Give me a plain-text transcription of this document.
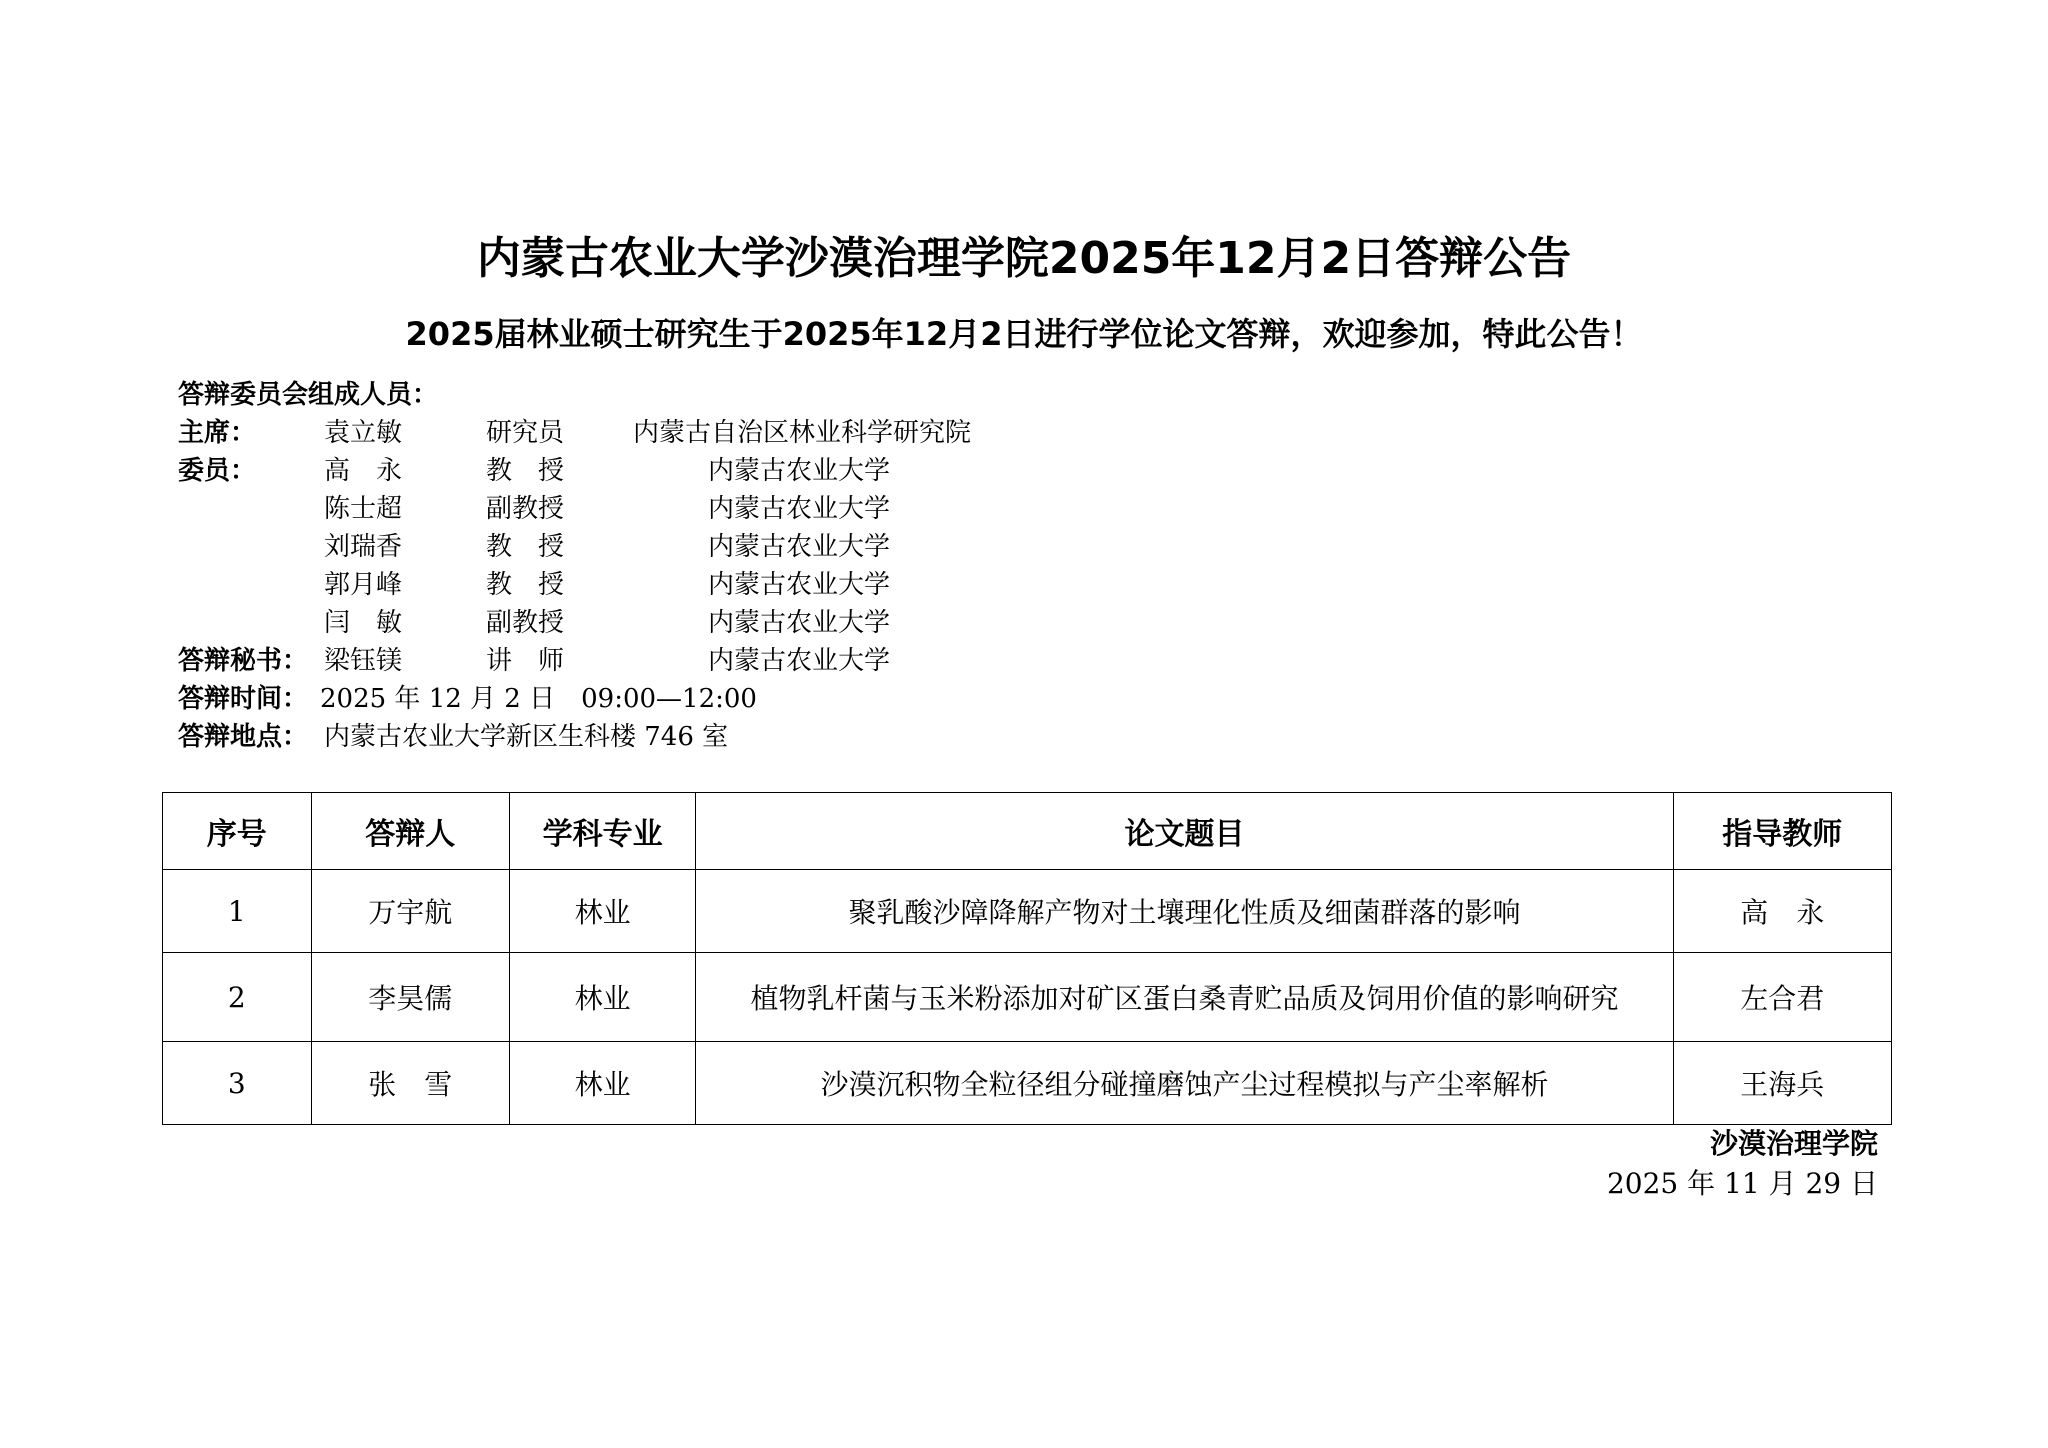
内蒙古农业大学沙漠治理学院2025年12月2日答辩公告
2025届林业硕士研究生于2025年12月2日进行学位论文答辩，欢迎参加，特此公告！
答辩委员会组成人员：
主席：	袁立敏	研究员	内蒙古自治区林业科学研究院
委员：	高　永	教　授	内蒙古农业大学
陈士超	副教授	内蒙古农业大学
刘瑞香	教　授	内蒙古农业大学
郭月峰	教　授	内蒙古农业大学
闫　敏	副教授	内蒙古农业大学
答辩秘书： 梁钰镁	讲　师	内蒙古农业大学
答辩时间： 2025 年 12 月 2 日　09:00—12:00
答辩地点： 内蒙古农业大学新区生科楼 746 室
序号	答辩人	学科专业	论文题目	指导教师
1	万宇航	林业	聚乳酸沙障降解产物对土壤理化性质及细菌群落的影响	高　永
2	李昊儒	林业	植物乳杆菌与玉米粉添加对矿区蛋白桑青贮品质及饲用价值的影响研究	左合君
3	张　雪	林业	沙漠沉积物全粒径组分碰撞磨蚀产尘过程模拟与产尘率解析	王海兵
沙漠治理学院
2025 年 11 月 29 日
